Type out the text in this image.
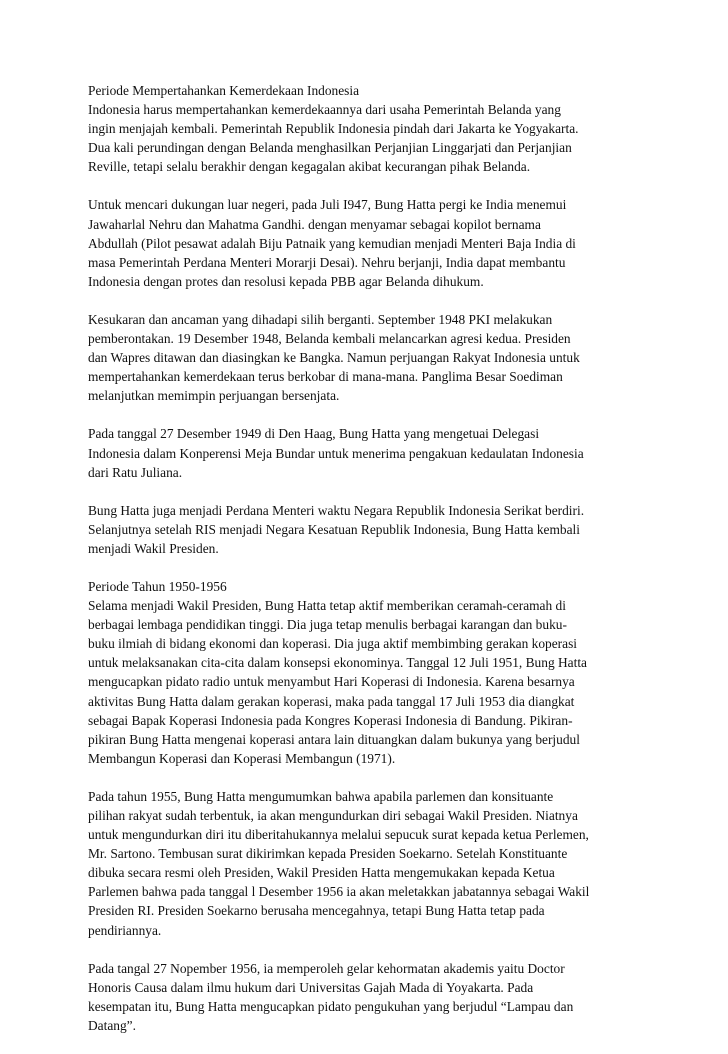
Periode Mempertahankan Kemerdekaan Indonesia
Indonesia harus mempertahankan kemerdekaannya dari usaha Pemerintah Belanda yang
ingin menjajah kembali. Pemerintah Republik Indonesia pindah dari Jakarta ke Yogyakarta.
Dua kali perundingan dengan Belanda menghasilkan Perjanjian Linggarjati dan Perjanjian
Reville, tetapi selalu berakhir dengan kegagalan akibat kecurangan pihak Belanda.
Untuk mencari dukungan luar negeri, pada Juli I947, Bung Hatta pergi ke India menemui
Jawaharlal Nehru dan Mahatma Gandhi. dengan menyamar sebagai kopilot bernama
Abdullah (Pilot pesawat adalah Biju Patnaik yang kemudian menjadi Menteri Baja India di
masa Pemerintah Perdana Menteri Morarji Desai). Nehru berjanji, India dapat membantu
Indonesia dengan protes dan resolusi kepada PBB agar Belanda dihukum.
Kesukaran dan ancaman yang dihadapi silih berganti. September 1948 PKI melakukan
pemberontakan. 19 Desember 1948, Belanda kembali melancarkan agresi kedua. Presiden
dan Wapres ditawan dan diasingkan ke Bangka. Namun perjuangan Rakyat Indonesia untuk
mempertahankan kemerdekaan terus berkobar di mana-mana. Panglima Besar Soediman
melanjutkan memimpin perjuangan bersenjata.
Pada tanggal 27 Desember 1949 di Den Haag, Bung Hatta yang mengetuai Delegasi
Indonesia dalam Konperensi Meja Bundar untuk menerima pengakuan kedaulatan Indonesia
dari Ratu Juliana.
Bung Hatta juga menjadi Perdana Menteri waktu Negara Republik Indonesia Serikat berdiri.
Selanjutnya setelah RIS menjadi Negara Kesatuan Republik Indonesia, Bung Hatta kembali
menjadi Wakil Presiden.
Periode Tahun 1950-1956
Selama menjadi Wakil Presiden, Bung Hatta tetap aktif memberikan ceramah-ceramah di
berbagai lembaga pendidikan tinggi. Dia juga tetap menulis berbagai karangan dan buku-
buku ilmiah di bidang ekonomi dan koperasi. Dia juga aktif membimbing gerakan koperasi
untuk melaksanakan cita-cita dalam konsepsi ekonominya. Tanggal 12 Juli 1951, Bung Hatta
mengucapkan pidato radio untuk menyambut Hari Koperasi di Indonesia. Karena besarnya
aktivitas Bung Hatta dalam gerakan koperasi, maka pada tanggal 17 Juli 1953 dia diangkat
sebagai Bapak Koperasi Indonesia pada Kongres Koperasi Indonesia di Bandung. Pikiran-
pikiran Bung Hatta mengenai koperasi antara lain dituangkan dalam bukunya yang berjudul
Membangun Koperasi dan Koperasi Membangun (1971).
Pada tahun 1955, Bung Hatta mengumumkan bahwa apabila parlemen dan konsituante
pilihan rakyat sudah terbentuk, ia akan mengundurkan diri sebagai Wakil Presiden. Niatnya
untuk mengundurkan diri itu diberitahukannya melalui sepucuk surat kepada ketua Perlemen,
Mr. Sartono. Tembusan surat dikirimkan kepada Presiden Soekarno. Setelah Konstituante
dibuka secara resmi oleh Presiden, Wakil Presiden Hatta mengemukakan kepada Ketua
Parlemen bahwa pada tanggal l Desember 1956 ia akan meletakkan jabatannya sebagai Wakil
Presiden RI. Presiden Soekarno berusaha mencegahnya, tetapi Bung Hatta tetap pada
pendiriannya.
Pada tangal 27 Nopember 1956, ia memperoleh gelar kehormatan akademis yaitu Doctor
Honoris Causa dalam ilmu hukum dari Universitas Gajah Mada di Yoyakarta. Pada
kesempatan itu, Bung Hatta mengucapkan pidato pengukuhan yang berjudul “Lampau dan
Datang”.
